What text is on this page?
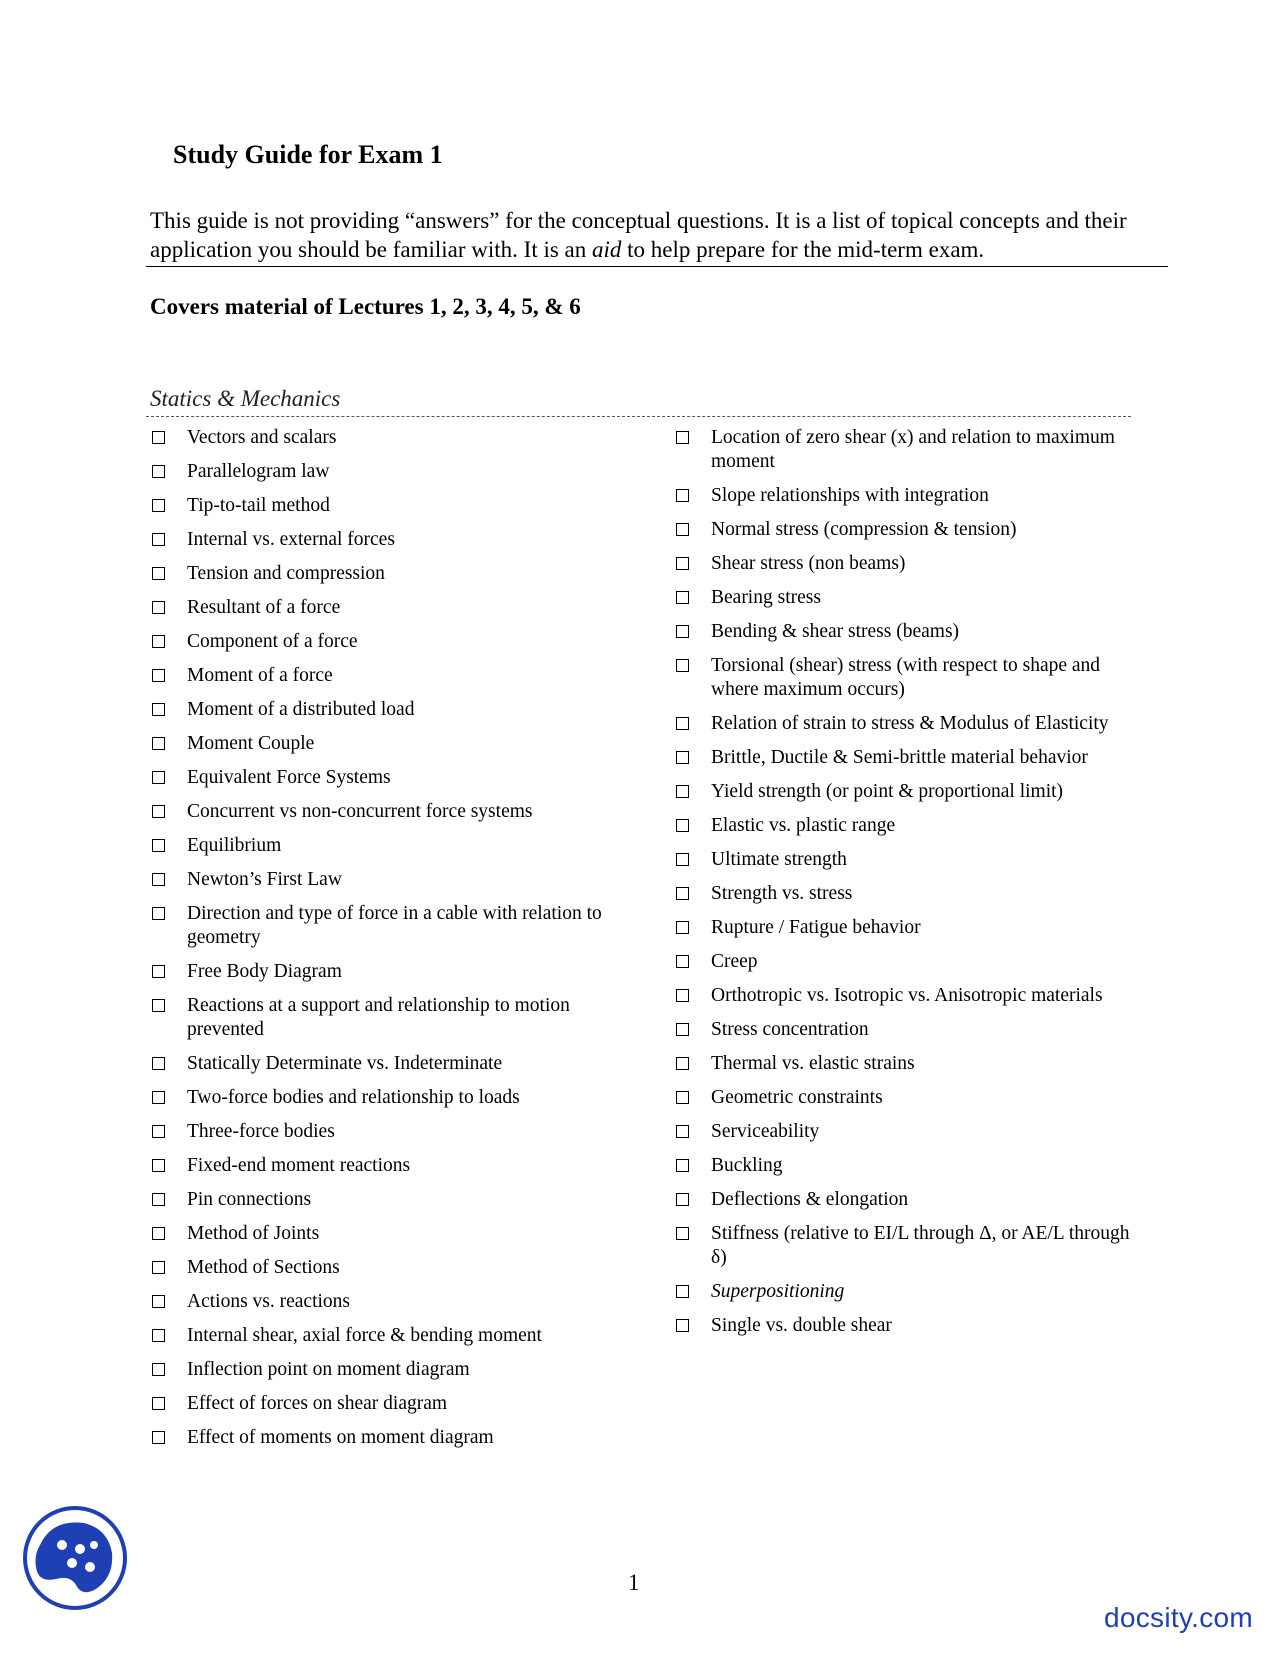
Study Guide for Exam 1
This guide is not providing “answers” for the conceptual questions. It is a list of topical concepts and their application you should be familiar with. It is an aid to help prepare for the mid-term exam.
Covers material of Lectures 1, 2, 3, 4, 5, & 6
Statics & Mechanics
Vectors and scalars
Parallelogram law
Tip-to-tail method
Internal vs. external forces
Tension and compression
Resultant of a force
Component of a force
Moment of a force
Moment of a distributed load
Moment Couple
Equivalent Force Systems
Concurrent vs non-concurrent force systems
Equilibrium
Newton’s First Law
Direction and type of force in a cable with relation to geometry
Free Body Diagram
Reactions at a support and relationship to motion prevented
Statically Determinate vs. Indeterminate
Two-force bodies and relationship to loads
Three-force bodies
Fixed-end moment reactions
Pin connections
Method of Joints
Method of Sections
Actions vs. reactions
Internal shear, axial force & bending moment
Inflection point on moment diagram
Effect of forces on shear diagram
Effect of moments on moment diagram
Location of zero shear (x) and relation to maximum moment
Slope relationships with integration
Normal stress (compression & tension)
Shear stress (non beams)
Bearing stress
Bending & shear stress (beams)
Torsional (shear) stress (with respect to shape and where maximum occurs)
Relation of strain to stress & Modulus of Elasticity
Brittle, Ductile & Semi-brittle material behavior
Yield strength (or point & proportional limit)
Elastic vs. plastic range
Ultimate strength
Strength vs. stress
Rupture / Fatigue behavior
Creep
Orthotropic vs. Isotropic vs. Anisotropic materials
Stress concentration
Thermal vs. elastic strains
Geometric constraints
Serviceability
Buckling
Deflections & elongation
Stiffness (relative to EI/L through Δ, or AE/L through δ)
Superpositioning
Single vs. double shear
1
docsity.com
